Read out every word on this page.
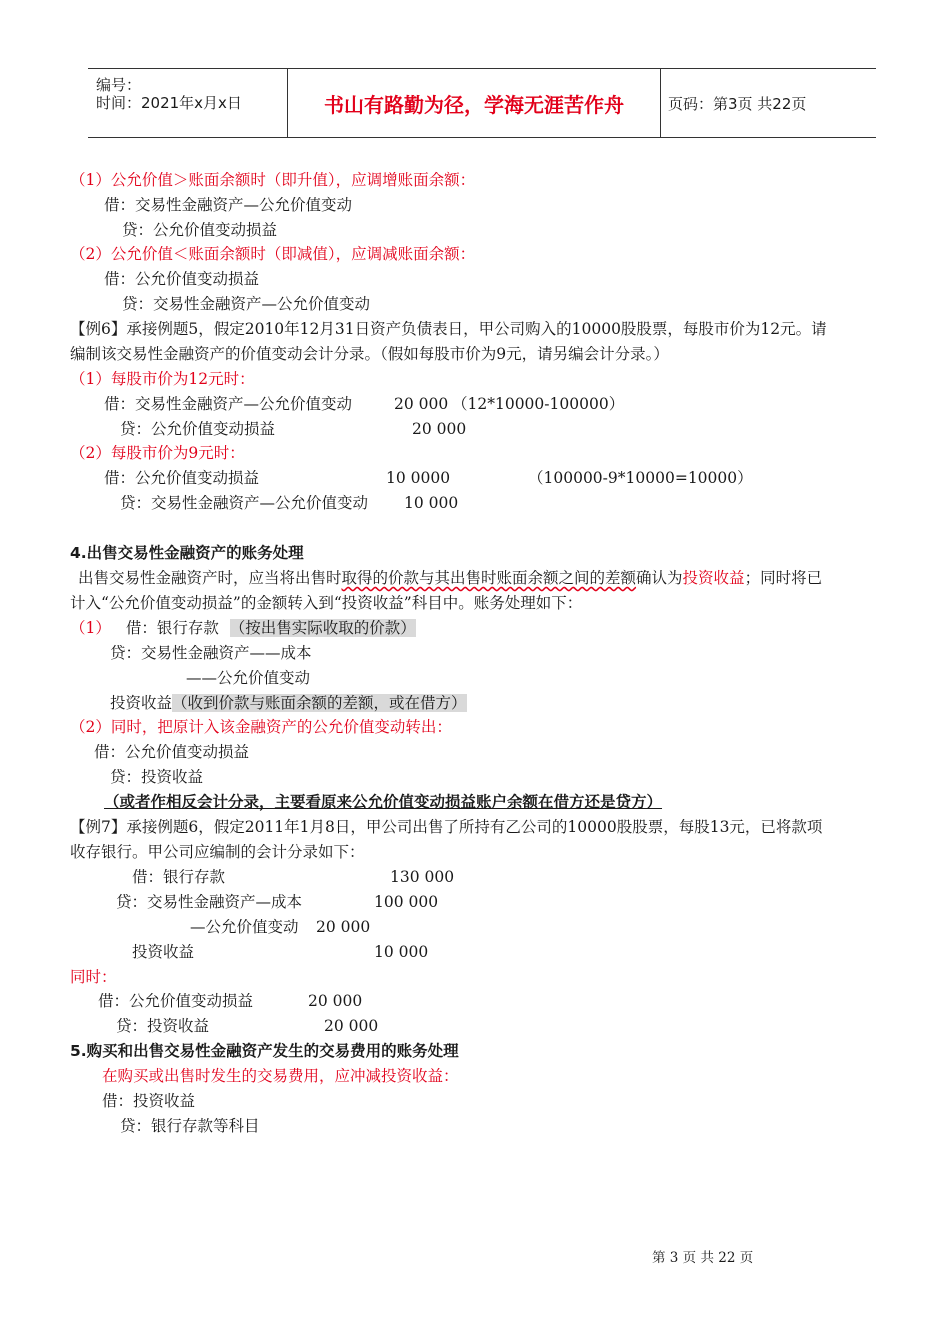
编号：
时间：2021年x月x日	书山有路勤为径，学海无涯苦作舟	页码：第3页 共22页
（1）公允价值＞账面余额时（即升值），应调增账面余额：
借：交易性金融资产—公允价值变动
贷：公允价值变动损益
（2）公允价值＜账面余额时（即减值），应调减账面余额：
借：公允价值变动损益
贷：交易性金融资产—公允价值变动
【例6】承接例题5，假定2010年12月31日资产负债表日，甲公司购入的10000股股票，每股市价为12元。请
编制该交易性金融资产的价值变动会计分录。（假如每股市价为9元，请另编会计分录。）
（1）每股市价为12元时：
借：交易性金融资产—公允价值变动	20 000 （12*10000-100000）
贷：公允价值变动损益	20 000
（2）每股市价为9元时：
借：公允价值变动损益	10 0000	（100000-9*10000=10000）
贷：交易性金融资产—公允价值变动 10 000
4.出售交易性金融资产的账务处理
出售交易性金融资产时，应当将出售时取得的价款与其出售时账面余额之间的差额确认为投资收益；同时将已
计入“公允价值变动损益”的金额转入到“投资收益”科目中。账务处理如下：
（1） 借：银行存款 （按出售实际收取的价款）
贷：交易性金融资产——成本
——公允价值变动
投资收益（收到价款与账面余额的差额，或在借方）
（2）同时，把原计入该金融资产的公允价值变动转出：
借：公允价值变动损益
贷：投资收益
（或者作相反会计分录，主要看原来公允价值变动损益账户余额在借方还是贷方）
【例7】承接例题6，假定2011年1月8日，甲公司出售了所持有乙公司的10000股股票，每股13元，已将款项
收存银行。甲公司应编制的会计分录如下：
借：银行存款	130 000
贷：交易性金融资产—成本	100 000
—公允价值变动 20 000
投资收益	10 000
同时：
借：公允价值变动损益	20 000
贷：投资收益	20 000
5.购买和出售交易性金融资产发生的交易费用的账务处理
在购买或出售时发生的交易费用，应冲减投资收益：
借：投资收益
贷：银行存款等科目
第 3 页 共 22 页
